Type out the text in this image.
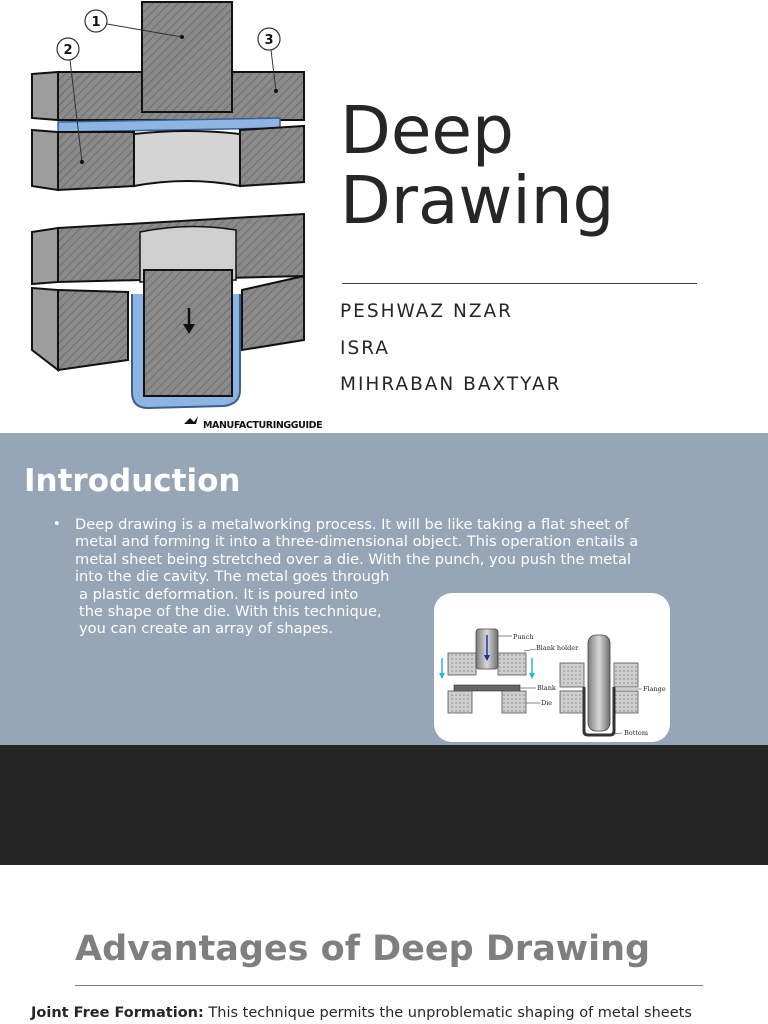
1
2
3
MANUFACTURINGGUIDE
Deep
Drawing
PESHWAZ NZAR
ISRA
MIHRABAN BAXTYAR
Introduction
• Deep drawing is a metalworking process. It will be like taking a flat sheet of
metal and forming it into a three-dimensional object. This operation entails a
metal sheet being stretched over a die. With the punch, you push the metal
into the die cavity. The metal goes through
a plastic deformation. It is poured into
the shape of the die. With this technique,
you can create an array of shapes.	Punch
Blank holder
Blank
Die
Flange
Bottom
Advantages of Deep Drawing

Joint Free Formation: This technique permits the unproblematic shaping of metal sheets
